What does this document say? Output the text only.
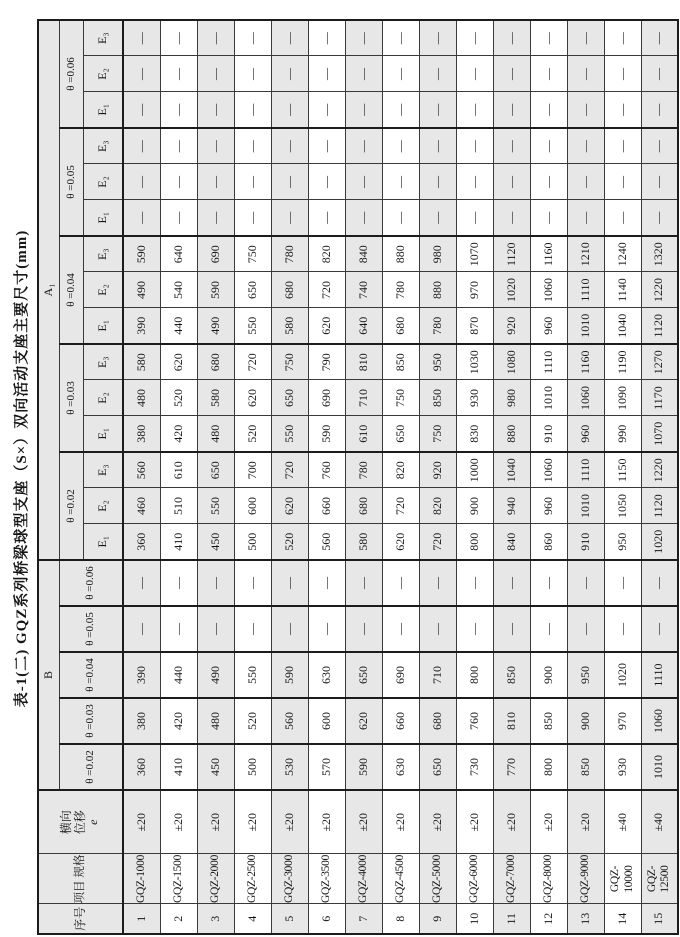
表-1(二) GQZ系列桥梁球型支座（S×）双向活动支座主要尺寸(mm)
序号	项目 规格	横向 位移 e	B					A₁														
			θ =0.02	θ =0.03	θ =0.04	θ =0.05	θ =0.06	θ =0.02			θ =0.03			θ =0.04			θ =0.05			θ =0.06		
								E₁	E₂	E₃	E₁	E₂	E₃	E₁	E₂	E₃	E₁	E₂	E₃	E₁	E₂	E₃
1	GQZ-1000	±20	360	380	390	—	—	360	460	560	380	480	580	390	490	590	—	—	—	—	—	—
2	GQZ-1500	±20	410	420	440	—	—	410	510	610	420	520	620	440	540	640	—	—	—	—	—	—
3	GQZ-2000	±20	450	480	490	—	—	450	550	650	480	580	680	490	590	690	—	—	—	—	—	—
4	GQZ-2500	±20	500	520	550	—	—	500	600	700	520	620	720	550	650	750	—	—	—	—	—	—
5	GQZ-3000	±20	530	560	590	—	—	520	620	720	550	650	750	580	680	780	—	—	—	—	—	—
6	GQZ-3500	±20	570	600	630	—	—	560	660	760	590	690	790	620	720	820	—	—	—	—	—	—
7	GQZ-4000	±20	590	620	650	—	—	580	680	780	610	710	810	640	740	840	—	—	—	—	—	—
8	GQZ-4500	±20	630	660	690	—	—	620	720	820	650	750	850	680	780	880	—	—	—	—	—	—
9	GQZ-5000	±20	650	680	710	—	—	720	820	920	750	850	950	780	880	980	—	—	—	—	—	—
10	GQZ-6000	±20	730	760	800	—	—	800	900	1000	830	930	1030	870	970	1070	—	—	—	—	—	—
11	GQZ-7000	±20	770	810	850	—	—	840	940	1040	880	980	1080	920	1020	1120	—	—	—	—	—	—
12	GQZ-8000	±20	800	850	900	—	—	860	960	1060	910	1010	1110	960	1060	1160	—	—	—	—	—	—
13	GQZ-9000	±20	850	900	950	—	—	910	1010	1110	960	1060	1160	1010	1110	1210	—	—	—	—	—	—
14	GQZ-10000	±40	930	970	1020	—	—	950	1050	1150	990	1090	1190	1040	1140	1240	—	—	—	—	—	—
15	GQZ-12500	±40	1010	1060	1110	—	—	1020	1120	1220	1070	1170	1270	1120	1220	1320	—	—	—	—	—	—
